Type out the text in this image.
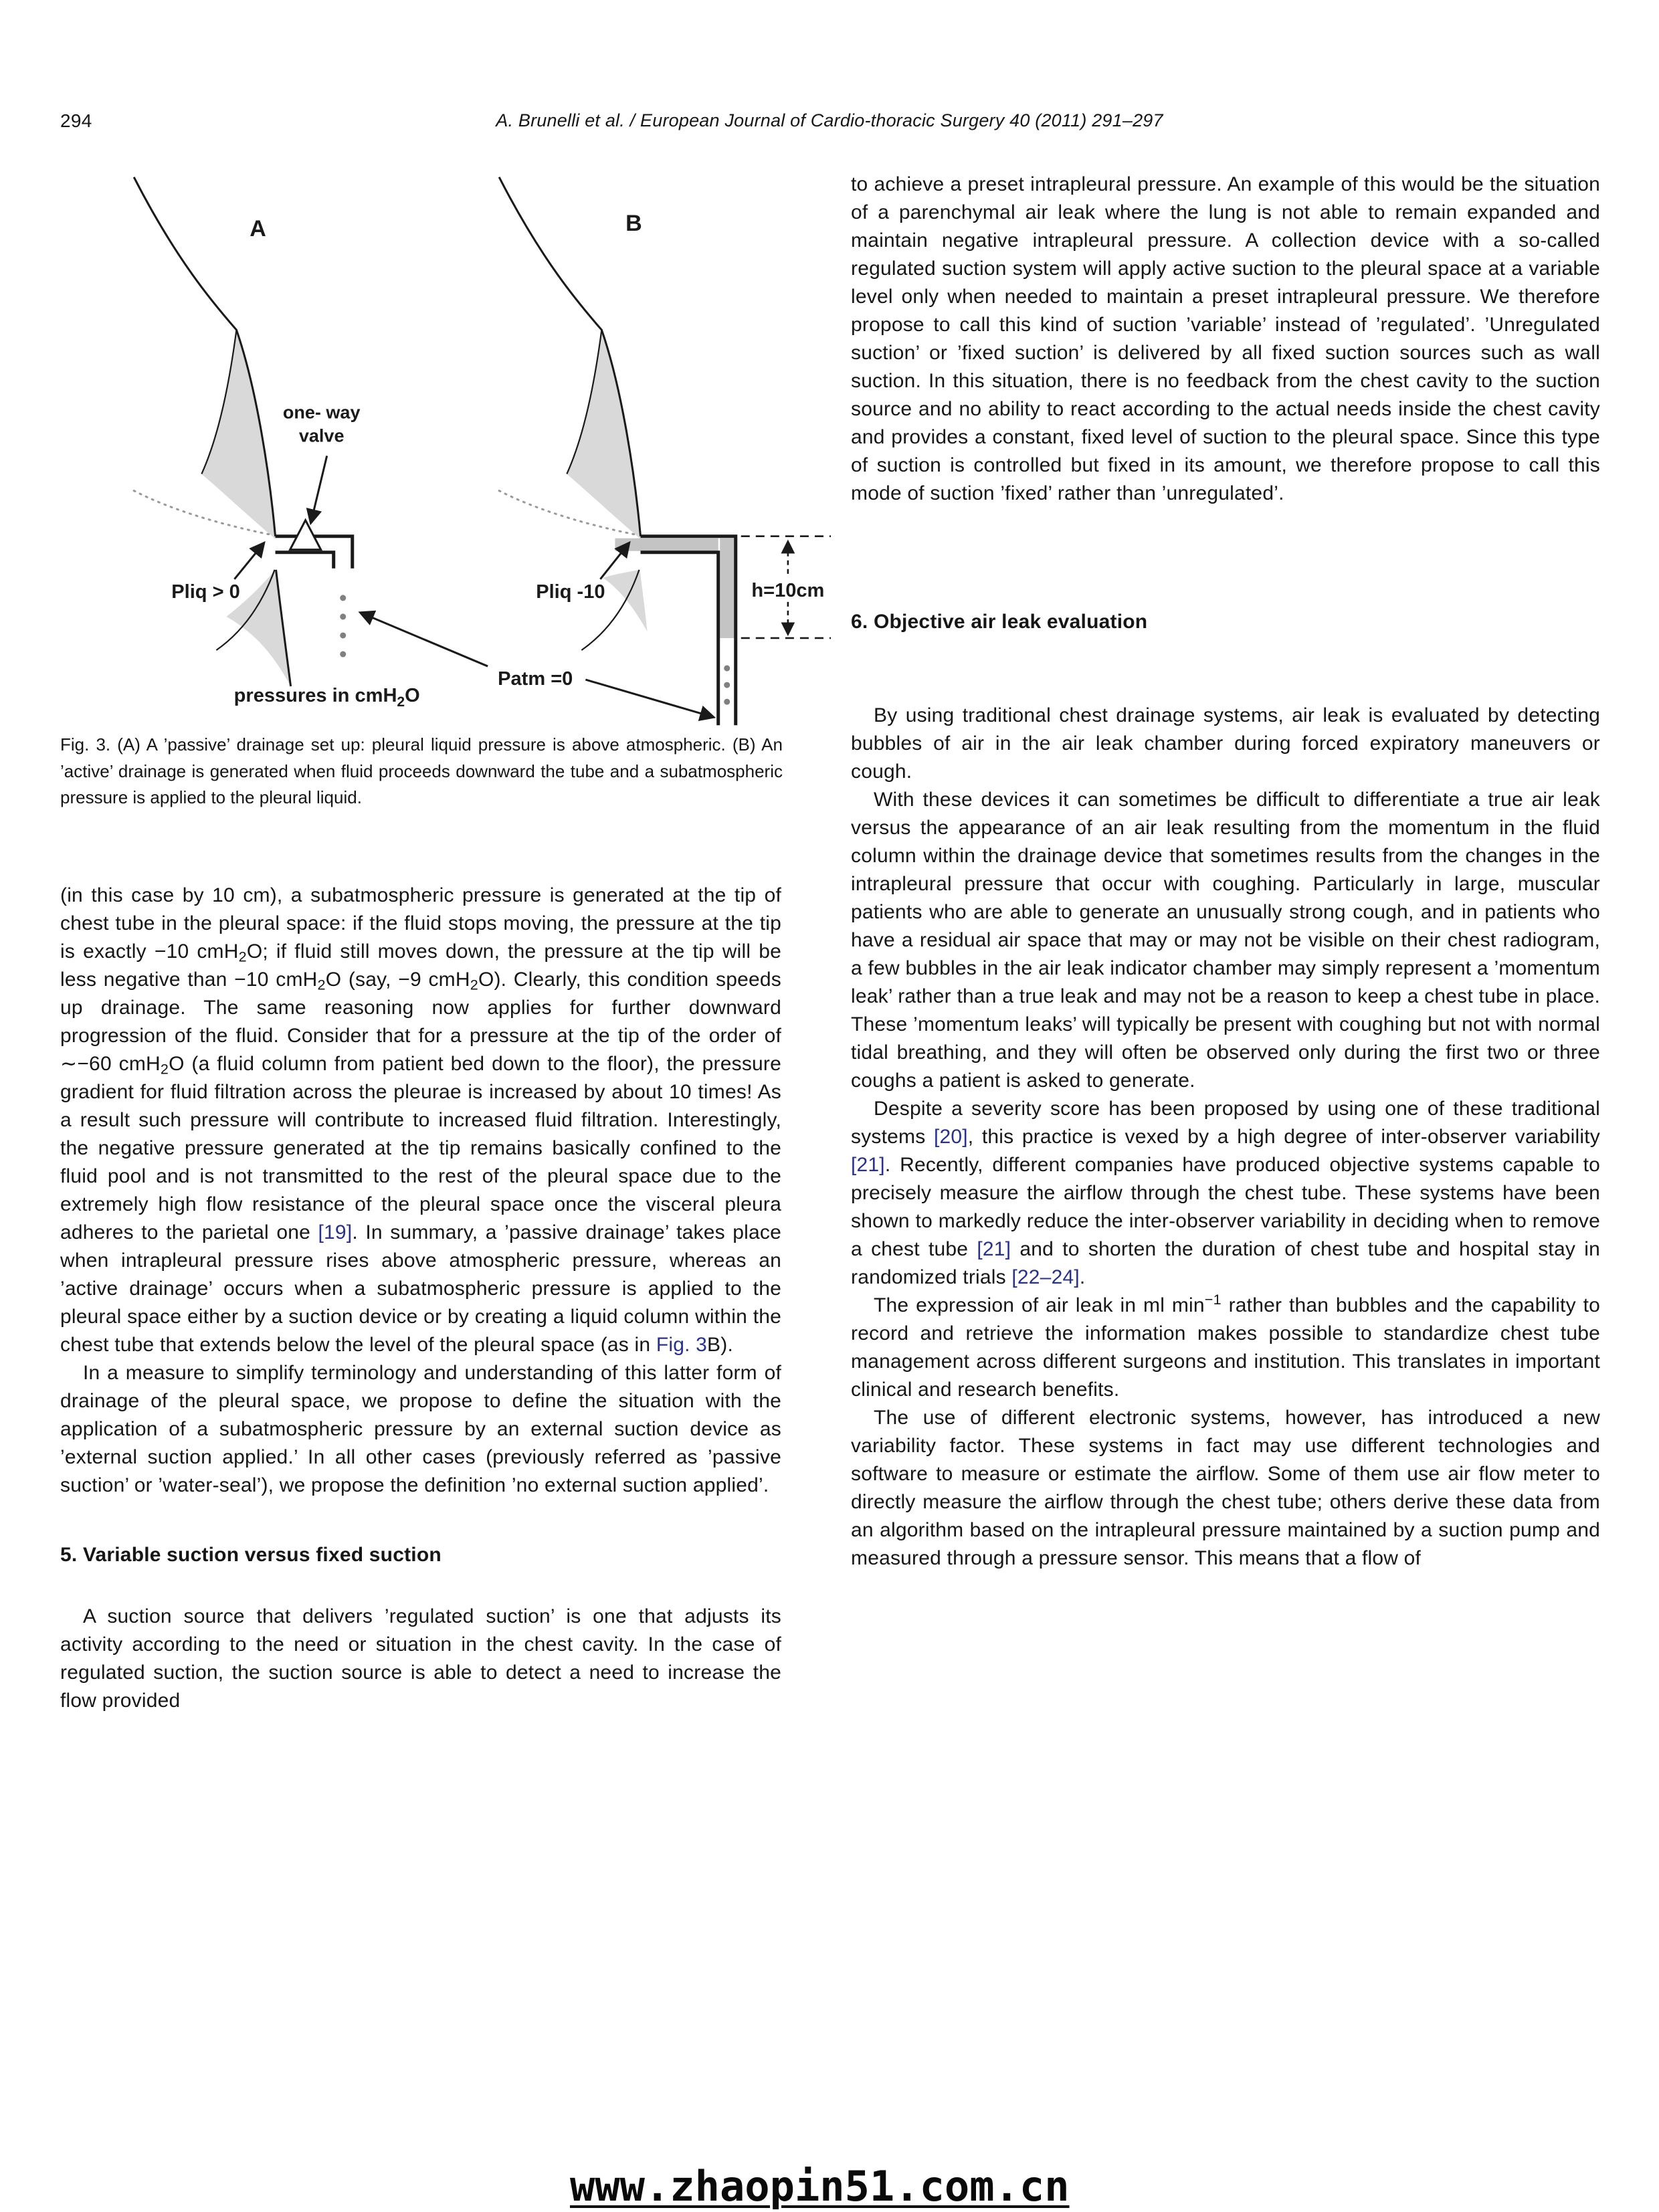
294	A. Brunelli et al. / European Journal of Cardio-thoracic Surgery 40 (2011) 291–297
A
one- way
valve
Pliq > 0	h=10cm
B
Pliq -10
Patm =0
pressures in cmH$_2$O
Fig. 3. (A) A ’passive’ drainage set up: pleural liquid pressure is above atmospheric. (B) An ’active’ drainage is generated when fluid proceeds downward the tube and a subatmospheric pressure is applied to the pleural liquid.

(in this case by 10 cm), a subatmospheric pressure is generated at the tip of chest tube in the pleural space: if the fluid stops moving, the pressure at the tip is exactly −10 cmH$_2$O; if fluid still moves down, the pressure at the tip will be less negative than −10 cmH$_2$O (say, −9 cmH$_2$O). Clearly, this condition speeds up drainage. The same reasoning now applies for further downward progression of the fluid. Consider that for a pressure at the tip of the order of ∼−60 cmH$_2$O (a fluid column from patient bed down to the floor), the pressure gradient for fluid filtration across the pleurae is increased by about 10 times! As a result such pressure will contribute to increased fluid filtration. Interestingly, the negative pressure generated at the tip remains basically confined to the fluid pool and is not transmitted to the rest of the pleural space due to the extremely high flow resistance of the pleural space once the visceral pleura adheres to the parietal one [19]. In summary, a ’passive drainage’ takes place when intrapleural pressure rises above atmospheric pressure, whereas an ’active drainage’ occurs when a subatmospheric pressure is applied to the pleural space either by a suction device or by creating a liquid column within the chest tube that extends below the level of the pleural space (as in Fig. 3B).

In a measure to simplify terminology and understanding of this latter form of drainage of the pleural space, we propose to define the situation with the application of a subatmospheric pressure by an external suction device as ’external suction applied.’ In all other cases (previously referred as ’passive suction’ or ’water-seal’), we propose the definition ’no external suction applied’.

5. Variable suction versus fixed suction

A suction source that delivers ’regulated suction’ is one that adjusts its activity according to the need or situation in the chest cavity. In the case of regulated suction, the suction source is able to detect a need to increase the flow provided

to achieve a preset intrapleural pressure. An example of this would be the situation of a parenchymal air leak where the lung is not able to remain expanded and maintain negative intrapleural pressure. A collection device with a so-called regulated suction system will apply active suction to the pleural space at a variable level only when needed to maintain a preset intrapleural pressure. We therefore propose to call this kind of suction ’variable’ instead of ’regulated’. ’Unregulated suction’ or ’fixed suction’ is delivered by all fixed suction sources such as wall suction. In this situation, there is no feedback from the chest cavity to the suction source and no ability to react according to the actual needs inside the chest cavity and provides a constant, fixed level of suction to the pleural space. Since this type of suction is controlled but fixed in its amount, we therefore propose to call this mode of suction ’fixed’ rather than ’unregulated’.

6. Objective air leak evaluation

By using traditional chest drainage systems, air leak is evaluated by detecting bubbles of air in the air leak chamber during forced expiratory maneuvers or cough.

With these devices it can sometimes be difficult to differentiate a true air leak versus the appearance of an air leak resulting from the momentum in the fluid column within the drainage device that sometimes results from the changes in the intrapleural pressure that occur with coughing. Particularly in large, muscular patients who are able to generate an unusually strong cough, and in patients who have a residual air space that may or may not be visible on their chest radiogram, a few bubbles in the air leak indicator chamber may simply represent a ’momentum leak’ rather than a true leak and may not be a reason to keep a chest tube in place. These ’momentum leaks’ will typically be present with coughing but not with normal tidal breathing, and they will often be observed only during the first two or three coughs a patient is asked to generate.

Despite a severity score has been proposed by using one of these traditional systems [20], this practice is vexed by a high degree of inter-observer variability [21]. Recently, different companies have produced objective systems capable to precisely measure the airflow through the chest tube. These systems have been shown to markedly reduce the inter-observer variability in deciding when to remove a chest tube [21] and to shorten the duration of chest tube and hospital stay in randomized trials [22–24].

The expression of air leak in ml $\min^{-1}$ rather than bubbles and the capability to record and retrieve the information makes possible to standardize chest tube management across different surgeons and institution. This translates in important clinical and research benefits.

The use of different electronic systems, however, has introduced a new variability factor. These systems in fact may use different technologies and software to measure or estimate the airflow. Some of them use air flow meter to directly measure the airflow through the chest tube; others derive these data from an algorithm based on the intrapleural pressure maintained by a suction pump and measured through a pressure sensor. This means that a flow of

www.zhaopin51.com.cn
